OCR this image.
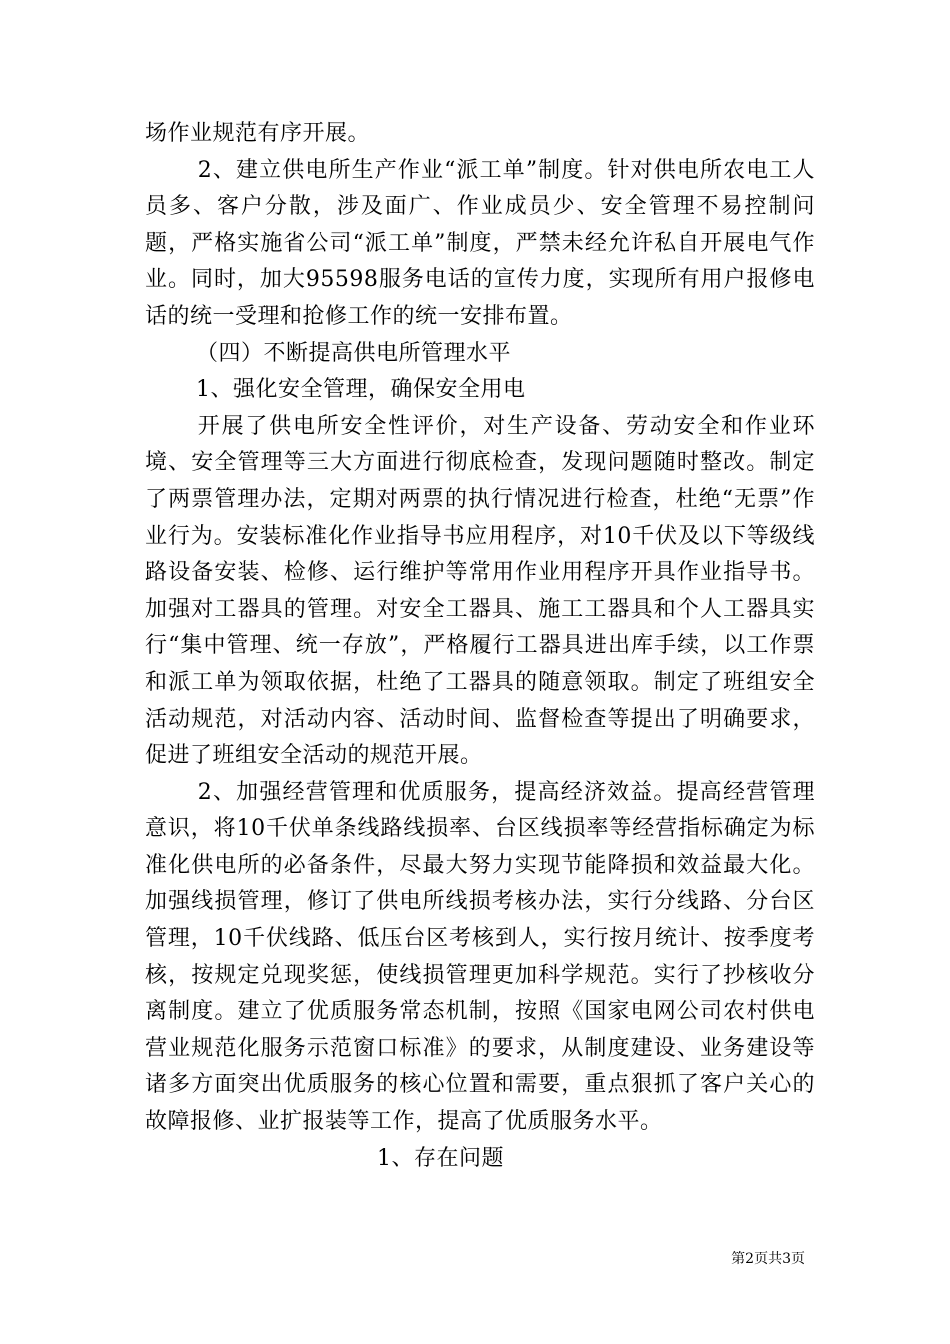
场作业规范有序开展。

2、建立供电所生产作业“派工单”制度。针对供电所农电工人员多、客户分散，涉及面广、作业成员少、安全管理不易控制问题，严格实施省公司“派工单”制度，严禁未经允许私自开展电气作业。同时，加大95598服务电话的宣传力度，实现所有用户报修电话的统一受理和抢修工作的统一安排布置。

（四）不断提高供电所管理水平

1、强化安全管理，确保安全用电

开展了供电所安全性评价，对生产设备、劳动安全和作业环境、安全管理等三大方面进行彻底检查，发现问题随时整改。制定了两票管理办法，定期对两票的执行情况进行检查，杜绝“无票”作业行为。安装标准化作业指导书应用程序，对10千伏及以下等级线路设备安装、检修、运行维护等常用作业用程序开具作业指导书。加强对工器具的管理。对安全工器具、施工工器具和个人工器具实行“集中管理、统一存放”，严格履行工器具进出库手续，以工作票和派工单为领取依据，杜绝了工器具的随意领取。制定了班组安全活动规范，对活动内容、活动时间、监督检查等提出了明确要求，促进了班组安全活动的规范开展。

2、加强经营管理和优质服务，提高经济效益。提高经营管理意识，将10千伏单条线路线损率、台区线损率等经营指标确定为标准化供电所的必备条件，尽最大努力实现节能降损和效益最大化。加强线损管理，修订了供电所线损考核办法，实行分线路、分台区管理，10千伏线路、低压台区考核到人，实行按月统计、按季度考核，按规定兑现奖惩，使线损管理更加科学规范。实行了抄核收分离制度。建立了优质服务常态机制，按照《国家电网公司农村供电营业规范化服务示范窗口标准》的要求，从制度建设、业务建设等诸多方面突出优质服务的核心位置和需要，重点狠抓了客户关心的故障报修、业扩报装等工作，提高了优质服务水平。

1、存在问题

第2页共3页
